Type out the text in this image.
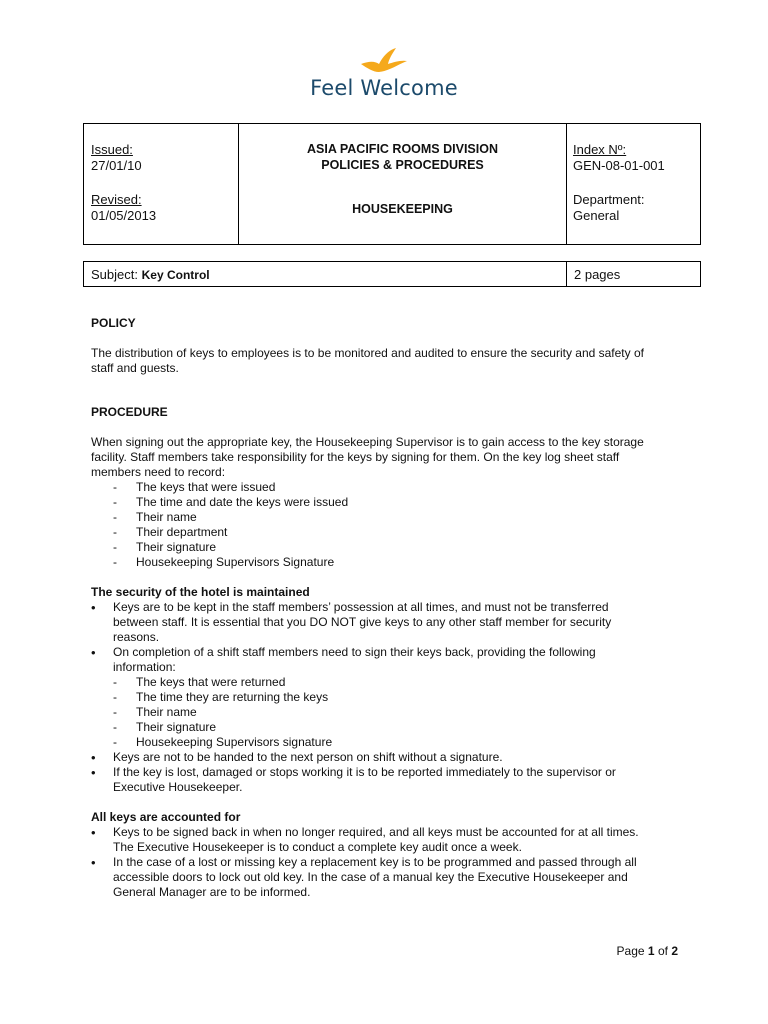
Feel Welcome
Issued:
27/01/10
Revised:
01/05/2013

ASIA PACIFIC ROOMS DIVISION
POLICIES & PROCEDURES
HOUSEKEEPING

Index Nº:
GEN-08-01-001
Department:
General
Subject: Key Control	2 pages

POLICY

The distribution of keys to employees is to be monitored and audited to ensure the security and safety of
staff and guests.

PROCEDURE

When signing out the appropriate key, the Housekeeping Supervisor is to gain access to the key storage
facility. Staff members take responsibility for the keys by signing for them. On the key log sheet staff
members need to record:
- The keys that were issued
- The time and date the keys were issued
- Their name
- Their department
- Their signature
- Housekeeping Supervisors Signature

The security of the hotel is maintained

• Keys are to be kept in the staff members’ possession at all times, and must not be transferred
between staff. It is essential that you DO NOT give keys to any other staff member for security
reasons.
• On completion of a shift staff members need to sign their keys back, providing the following
information:
- The keys that were returned
- The time they are returning the keys
- Their name
- Their signature
- Housekeeping Supervisors signature
• Keys are not to be handed to the next person on shift without a signature.
• If the key is lost, damaged or stops working it is to be reported immediately to the supervisor or
Executive Housekeeper.

All keys are accounted for

• Keys to be signed back in when no longer required, and all keys must be accounted for at all times.
The Executive Housekeeper is to conduct a complete key audit once a week.
• In the case of a lost or missing key a replacement key is to be programmed and passed through all
accessible doors to lock out old key. In the case of a manual key the Executive Housekeeper and
General Manager are to be informed.
Page 1 of 2
